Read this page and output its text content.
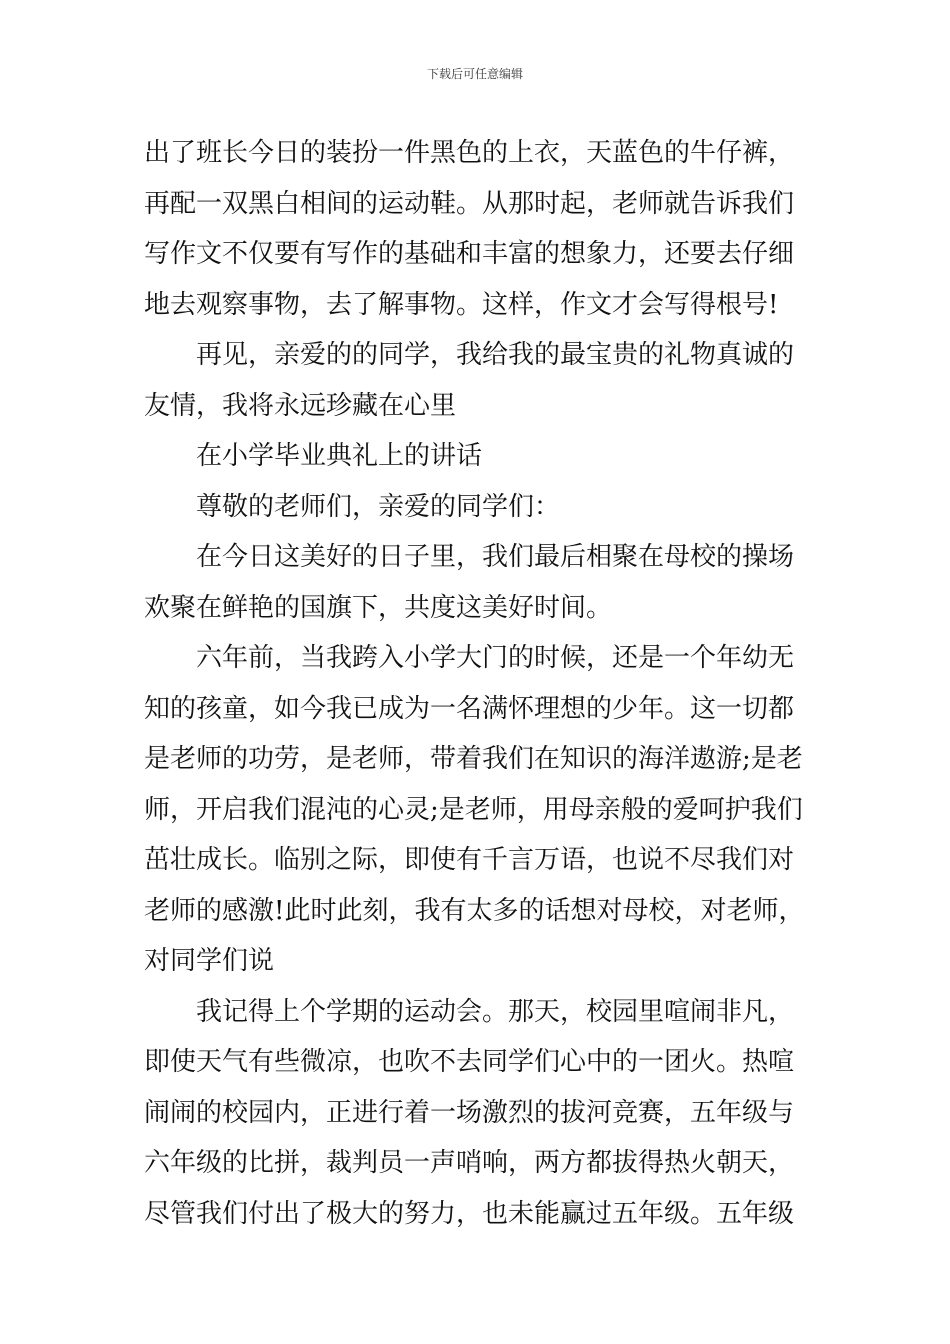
下载后可任意编辑
出了班长今日的装扮一件黑色的上衣，天蓝色的牛仔裤，
再配一双黑白相间的运动鞋。从那时起，老师就告诉我们
写作文不仅要有写作的基础和丰富的想象力，还要去仔细
地去观察事物，去了解事物。这样，作文才会写得根号!
再见，亲爱的的同学，我给我的最宝贵的礼物真诚的
友情，我将永远珍藏在心里
在小学毕业典礼上的讲话
尊敬的老师们，亲爱的同学们：
在今日这美好的日子里，我们最后相聚在母校的操场
欢聚在鲜艳的国旗下，共度这美好时间。
六年前，当我跨入小学大门的时候，还是一个年幼无
知的孩童，如今我已成为一名满怀理想的少年。这一切都
是老师的功劳，是老师，带着我们在知识的海洋遨游;是老
师，开启我们混沌的心灵;是老师，用母亲般的爱呵护我们
茁壮成长。临别之际，即使有千言万语，也说不尽我们对
老师的感激!此时此刻，我有太多的话想对母校，对老师，
对同学们说
我记得上个学期的运动会。那天，校园里喧闹非凡，
即使天气有些微凉，也吹不去同学们心中的一团火。热喧
闹闹的校园内，正进行着一场激烈的拔河竞赛，五年级与
六年级的比拼，裁判员一声哨响，两方都拔得热火朝天，
尽管我们付出了极大的努力，也未能赢过五年级。五年级
